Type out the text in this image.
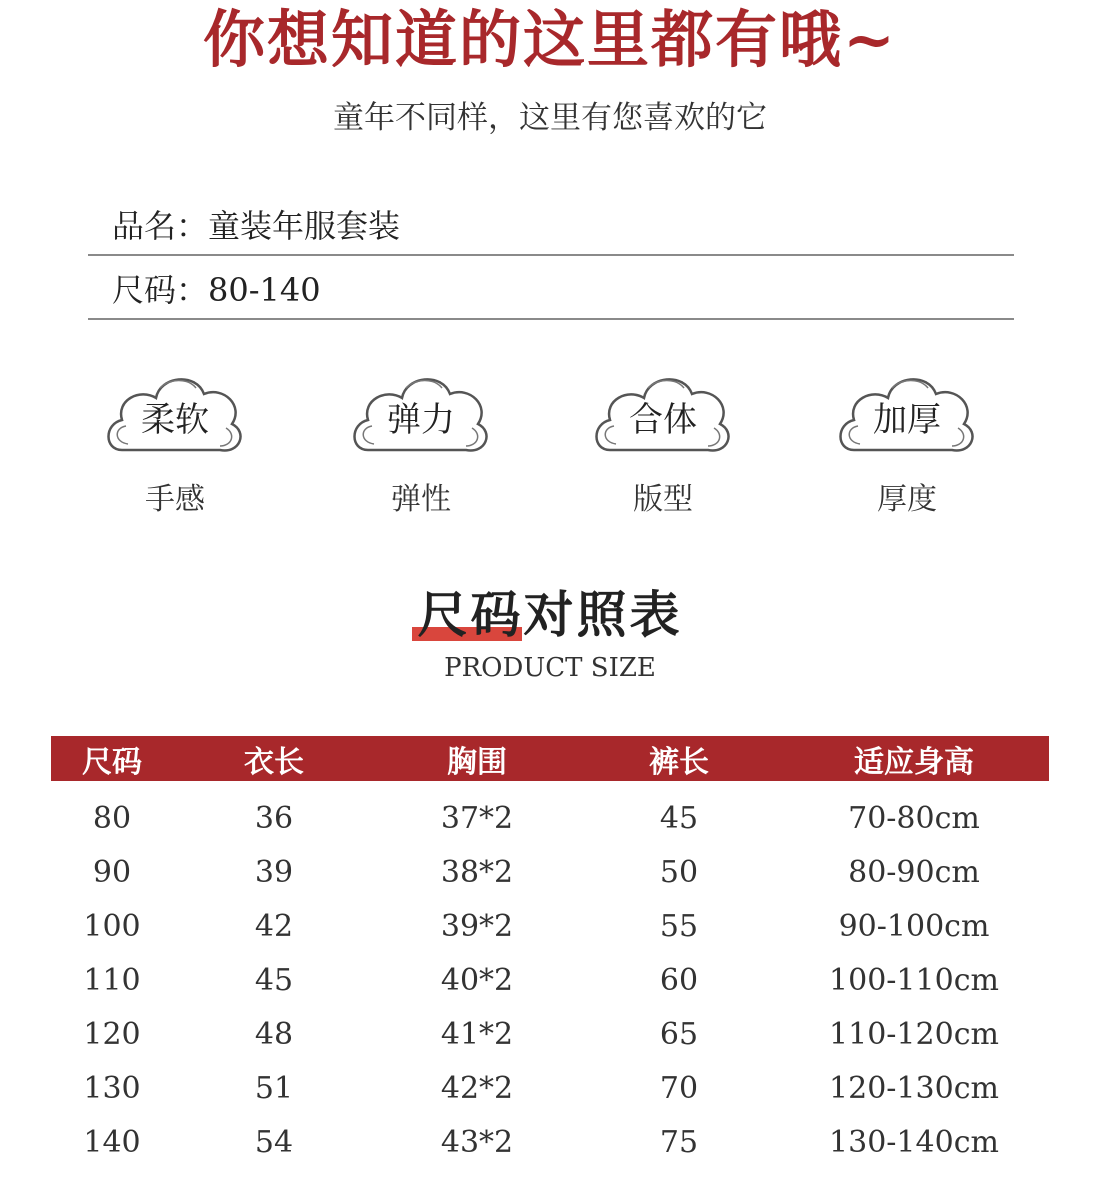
你想知道的这里都有哦~
童年不同样，这里有您喜欢的它
品名：童装年服套装
尺码：80-140
柔软
手感
弹力
弹性
合体
版型
加厚
厚度
尺码对照表
PRODUCT SIZE
尺码	衣长	胸围	裤长	适应身高
80	36	37*2	45	70-80cm
90	39	38*2	50	80-90cm
100	42	39*2	55	90-100cm
110	45	40*2	60	100-110cm
120	48	41*2	65	110-120cm
130	51	42*2	70	120-130cm
140	54	43*2	75	130-140cm
